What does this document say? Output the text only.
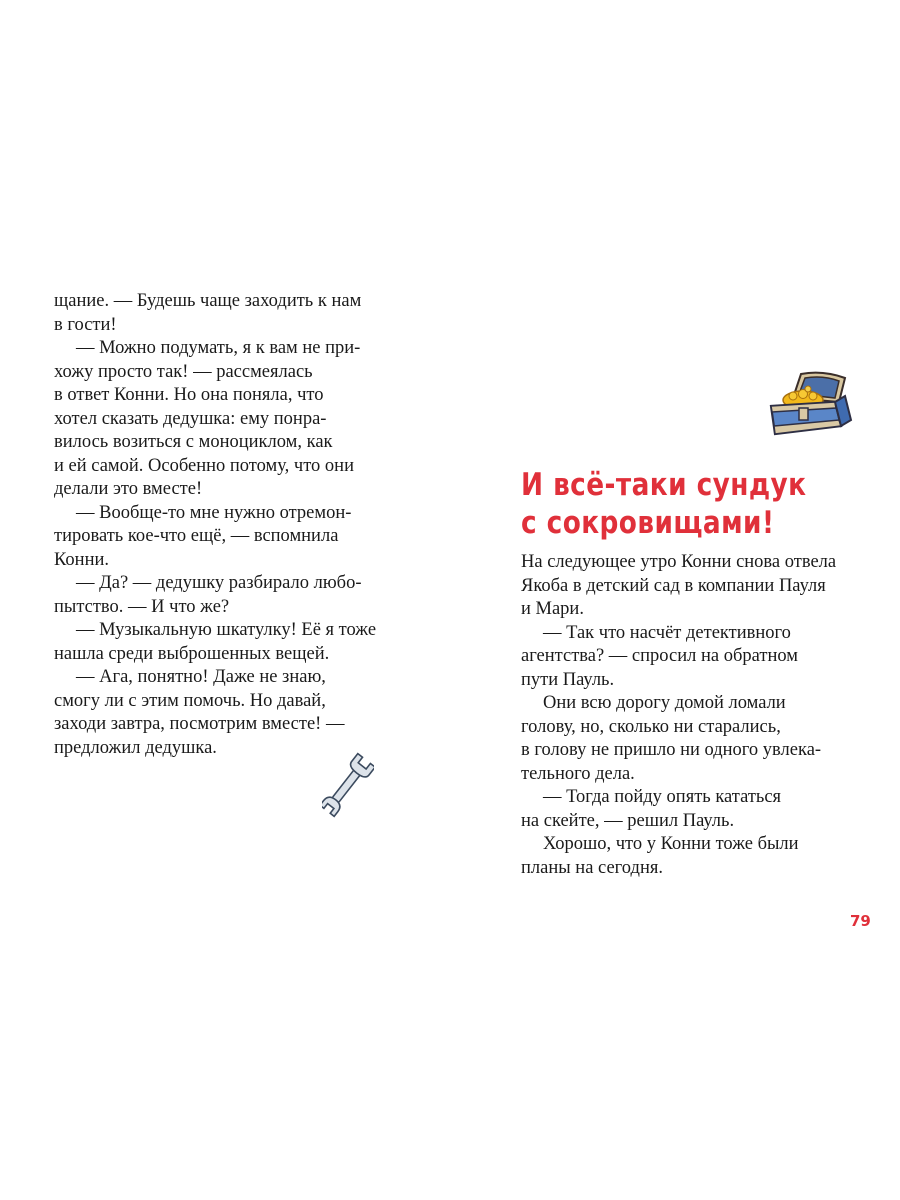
щание. — Будешь чаще заходить к нам
в гости!
— Можно подумать, я к вам не при-
хожу просто так! — рассмеялась
в ответ Конни. Но она поняла, что
хотел сказать дедушка: ему понра-
вилось возиться с моноциклом, как
и ей самой. Особенно потому, что они
делали это вместе!
— Вообще-то мне нужно отремон-
тировать кое-что ещё, — вспомнила
Конни.
— Да? — дедушку разбирало любо-
пытство. — И что же?
— Музыкальную шкатулку! Её я тоже
нашла среди выброшенных вещей.
— Ага, понятно! Даже не знаю,
смогу ли с этим помочь. Но давай,
заходи завтра, посмотрим вместе! —
предложил дедушка.
И всё-таки сундук
с сокровищами!
На следующее утро Конни снова отвела
Якоба в детский сад в компании Пауля
и Мари.
— Так что насчёт детективного
агентства? — спросил на обратном
пути Пауль.
Они всю дорогу домой ломали
голову, но, сколько ни старались,
в голову не пришло ни одного увлека-
тельного дела.
— Тогда пойду опять кататься
на скейте, — решил Пауль.
Хорошо, что у Конни тоже были
планы на сегодня.
79
